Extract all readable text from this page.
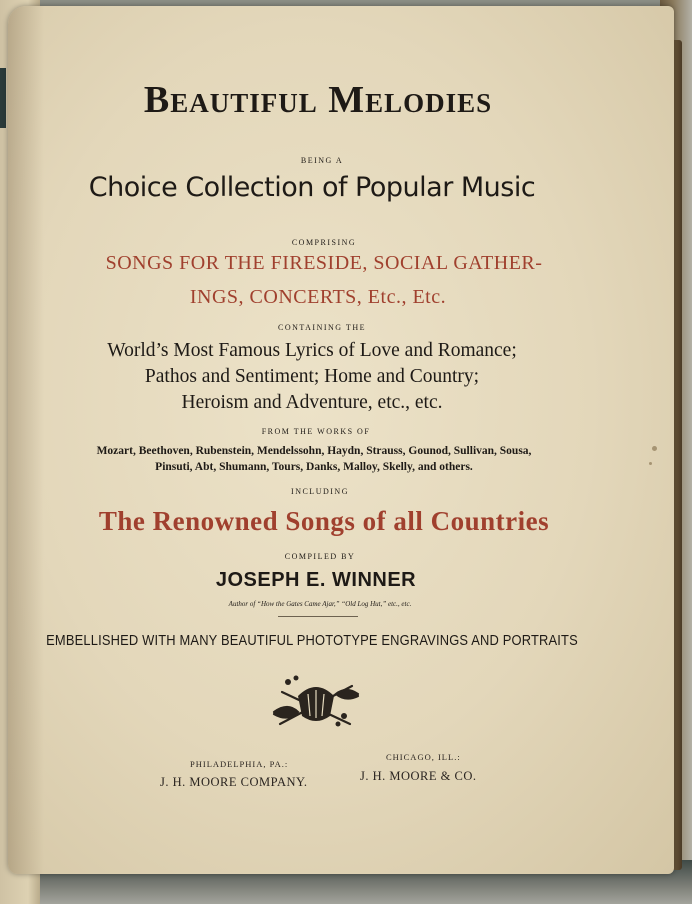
Beautiful Melodies

BEING A

Choice Collection of Popular Music

COMPRISING

SONGS FOR THE FIRESIDE, SOCIAL GATHER-

INGS, CONCERTS, Etc., Etc.

CONTAINING THE

World’s Most Famous Lyrics of Love and Romance;

Pathos and Sentiment; Home and Country;

Heroism and Adventure, etc., etc.

FROM THE WORKS OF

Mozart, Beethoven, Rubenstein, Mendelssohn, Haydn, Strauss, Gounod, Sullivan, Sousa,

Pinsuti, Abt, Shumann, Tours, Danks, Malloy, Skelly, and others.

INCLUDING

The Renowned Songs of all Countries

COMPILED BY

JOSEPH E. WINNER

Author of “How the Gates Came Ajar,” “Old Log Hut,” etc., etc.

EMBELLISHED WITH MANY BEAUTIFUL PHOTOTYPE ENGRAVINGS AND PORTRAITS

PHILADELPHIA, PA.:
J. H. MOORE COMPANY.
CHICAGO, ILL.:
J. H. MOORE & CO.
